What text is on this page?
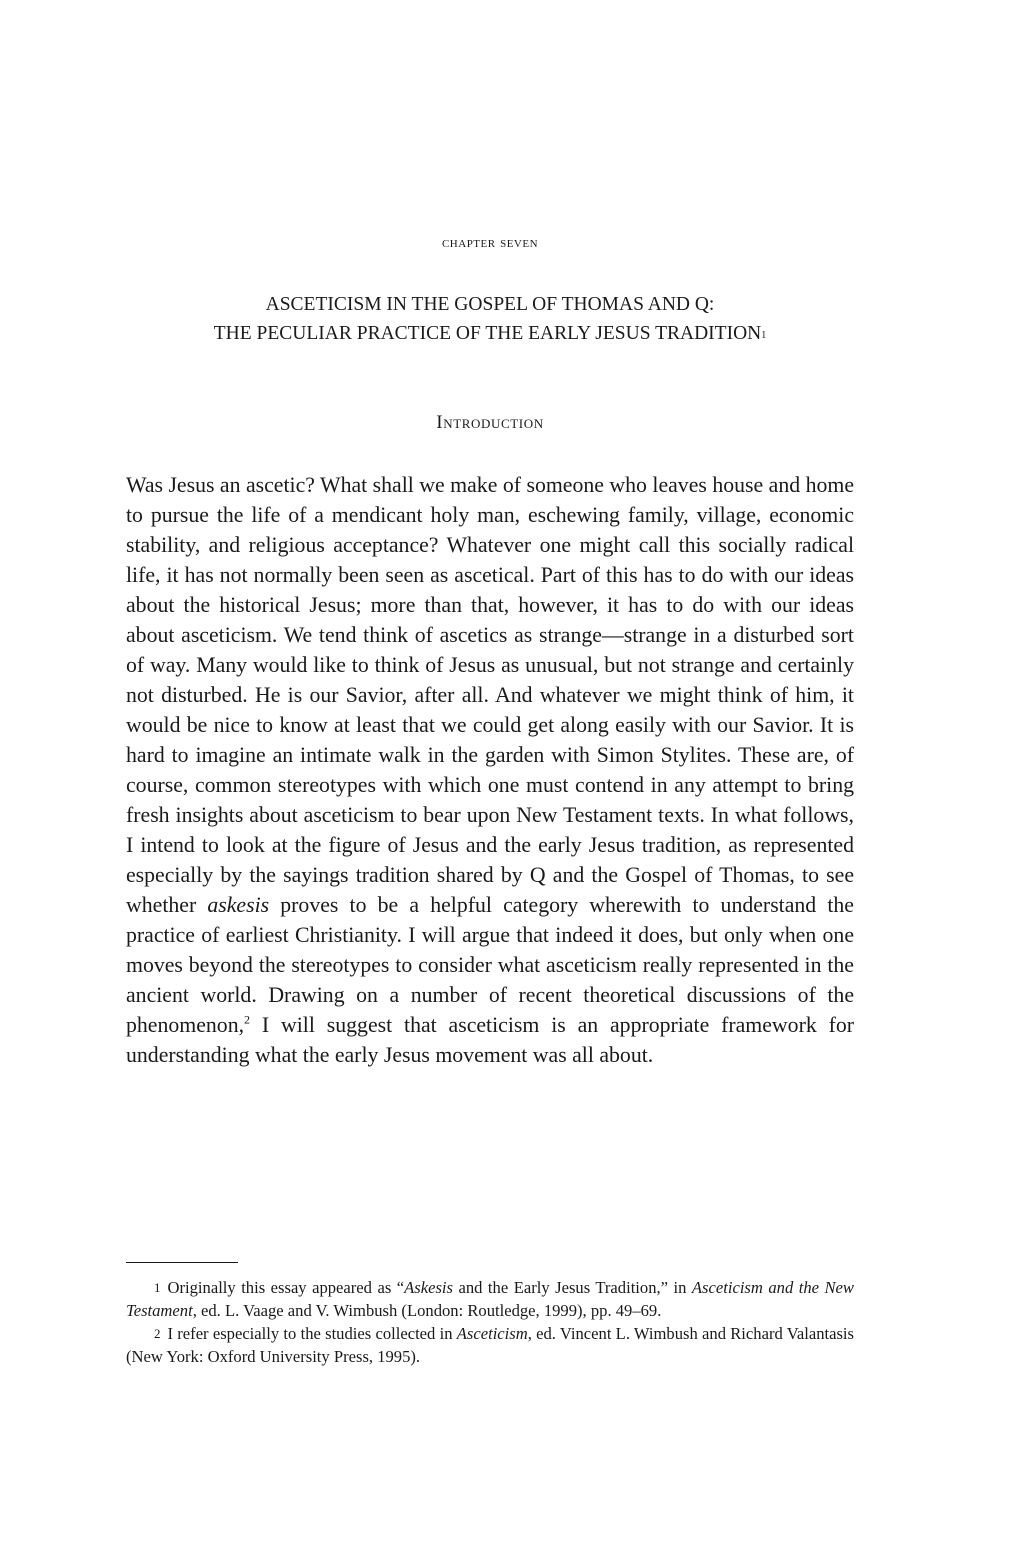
chapter seven
ASCETICISM IN THE GOSPEL OF THOMAS AND Q:
THE PECULIAR PRACTICE OF THE EARLY JESUS TRADITION$^1$
Introduction

Was Jesus an ascetic? What shall we make of someone who leaves house and home to pursue the life of a mendicant holy man, eschewing family, village, economic stability, and religious acceptance? Whatever one might call this socially radical life, it has not normally been seen as ascetical. Part of this has to do with our ideas about the historical Jesus; more than that, however, it has to do with our ideas about asceticism. We tend think of ascetics as strange—strange in a disturbed sort of way. Many would like to think of Jesus as unusual, but not strange and certainly not disturbed. He is our Savior, after all. And whatever we might think of him, it would be nice to know at least that we could get along easily with our Savior. It is hard to imagine an intimate walk in the garden with Simon Stylites. These are, of course, common stereotypes with which one must contend in any attempt to bring fresh insights about asceticism to bear upon New Testament texts. In what follows, I intend to look at the figure of Jesus and the early Jesus tradition, as represented especially by the sayings tradition shared by Q and the Gospel of Thomas, to see whether askesis proves to be a helpful category wherewith to understand the practice of earliest Christianity. I will argue that indeed it does, but only when one moves beyond the stereotypes to consider what asceticism really represented in the ancient world. Drawing on a number of recent theoretical discussions of the phenomenon,$^2$ I will suggest that asceticism is an appropriate framework for understanding what the early Jesus movement was all about.

$^1$ Originally this essay appeared as “Askesis and the Early Jesus Tradition,” in Asceticism and the New Testament, ed. L. Vaage and V. Wimbush (London: Routledge, 1999), pp. 49–69.

$^2$ I refer especially to the studies collected in Asceticism, ed. Vincent L. Wimbush and Richard Valantasis (New York: Oxford University Press, 1995).
